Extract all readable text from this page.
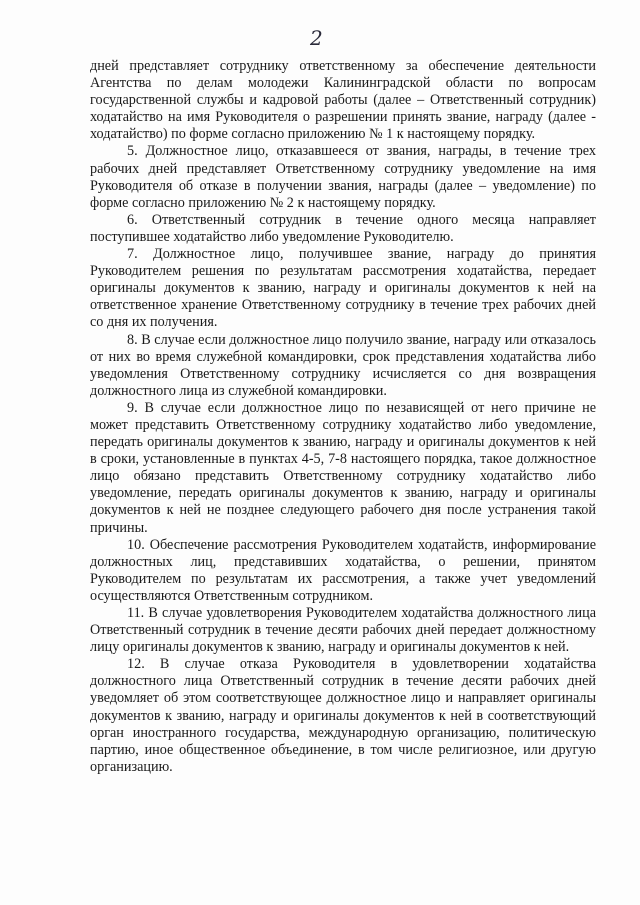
2

дней представляет сотруднику ответственному за обеспечение деятельности Агентства по делам молодежи Калининградской области по вопросам государственной службы и кадровой работы (далее – Ответственный сотрудник) ходатайство на имя Руководителя о разрешении принять звание, награду (далее - ходатайство) по форме согласно приложению № 1 к настоящему порядку.

5. Должностное лицо, отказавшееся от звания, награды, в течение трех рабочих дней представляет Ответственному сотруднику уведомление на имя Руководителя об отказе в получении звания, награды (далее – уведомление) по форме согласно приложению № 2 к настоящему порядку.

6. Ответственный сотрудник в течение одного месяца направляет поступившее ходатайство либо уведомление Руководителю.

7. Должностное лицо, получившее звание, награду до принятия Руководителем решения по результатам рассмотрения ходатайства, передает оригиналы документов к званию, награду и оригиналы документов к ней на ответственное хранение Ответственному сотруднику в течение трех рабочих дней со дня их получения.

8. В случае если должностное лицо получило звание, награду или отказалось от них во время служебной командировки, срок представления ходатайства либо уведомления Ответственному сотруднику исчисляется со дня возвращения должностного лица из служебной командировки.

9. В случае если должностное лицо по независящей от него причине не может представить Ответственному сотруднику ходатайство либо уведомление, передать оригиналы документов к званию, награду и оригиналы документов к ней в сроки, установленные в пунктах 4-5, 7-8 настоящего порядка, такое должностное лицо обязано представить Ответственному сотруднику ходатайство либо уведомление, передать оригиналы документов к званию, награду и оригиналы документов к ней не позднее следующего рабочего дня после устранения такой причины.

10. Обеспечение рассмотрения Руководителем ходатайств, информирование должностных лиц, представивших ходатайства, о решении, принятом Руководителем по результатам их рассмотрения, а также учет уведомлений осуществляются Ответственным сотрудником.

11. В случае удовлетворения Руководителем ходатайства должностного лица Ответственный сотрудник в течение десяти рабочих дней передает должностному лицу оригиналы документов к званию, награду и оригиналы документов к ней.

12. В случае отказа Руководителя в удовлетворении ходатайства должностного лица Ответственный сотрудник в течение десяти рабочих дней уведомляет об этом соответствующее должностное лицо и направляет оригиналы документов к званию, награду и оригиналы документов к ней в соответствующий орган иностранного государства, международную организацию, политическую партию, иное общественное объединение, в том числе религиозное, или другую организацию.
